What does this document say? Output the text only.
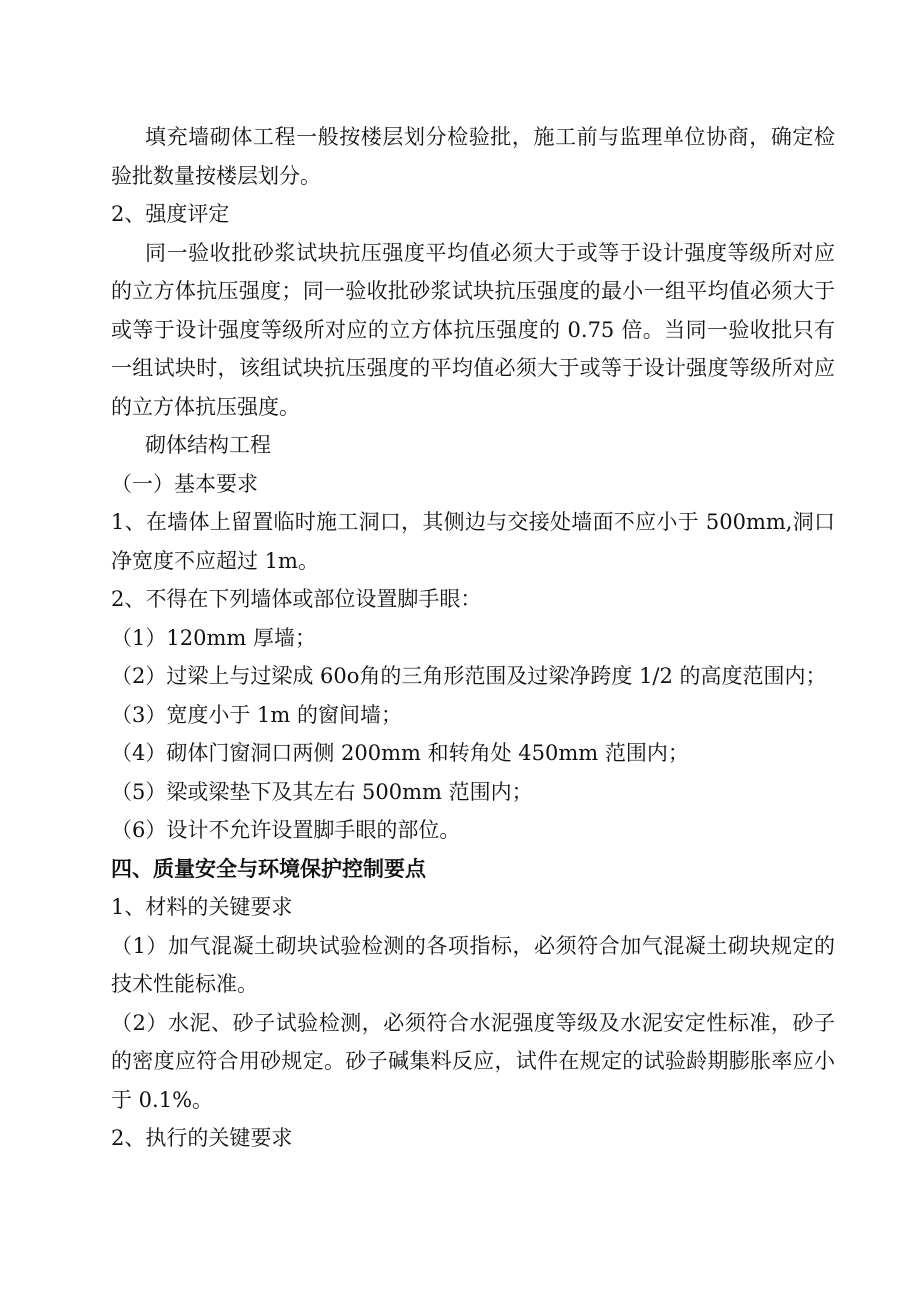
填充墙砌体工程一般按楼层划分检验批，施工前与监理单位协商，确定检验批数量按楼层划分。

2、强度评定

同一验收批砂浆试块抗压强度平均值必须大于或等于设计强度等级所对应的立方体抗压强度；同一验收批砂浆试块抗压强度的最小一组平均值必须大于或等于设计强度等级所对应的立方体抗压强度的 0.75 倍。当同一验收批只有一组试块时，该组试块抗压强度的平均值必须大于或等于设计强度等级所对应的立方体抗压强度。

砌体结构工程

（一）基本要求

1、在墙体上留置临时施工洞口，其侧边与交接处墙面不应小于 500mm,洞口净宽度不应超过 1m。

2、不得在下列墙体或部位设置脚手眼：

（1）120mm 厚墙；

（2）过梁上与过梁成 60ο角的三角形范围及过梁净跨度 1/2 的高度范围内；

（3）宽度小于 1m 的窗间墙；

（4）砌体门窗洞口两侧 200mm 和转角处 450mm 范围内；

（5）梁或梁垫下及其左右 500mm 范围内；

（6）设计不允许设置脚手眼的部位。

四、质量安全与环境保护控制要点

1、材料的关键要求

（1）加气混凝土砌块试验检测的各项指标，必须符合加气混凝土砌块规定的技术性能标准。

（2）水泥、砂子试验检测，必须符合水泥强度等级及水泥安定性标准，砂子的密度应符合用砂规定。砂子碱集料反应，试件在规定的试验龄期膨胀率应小于 0.1%。

2、执行的关键要求
